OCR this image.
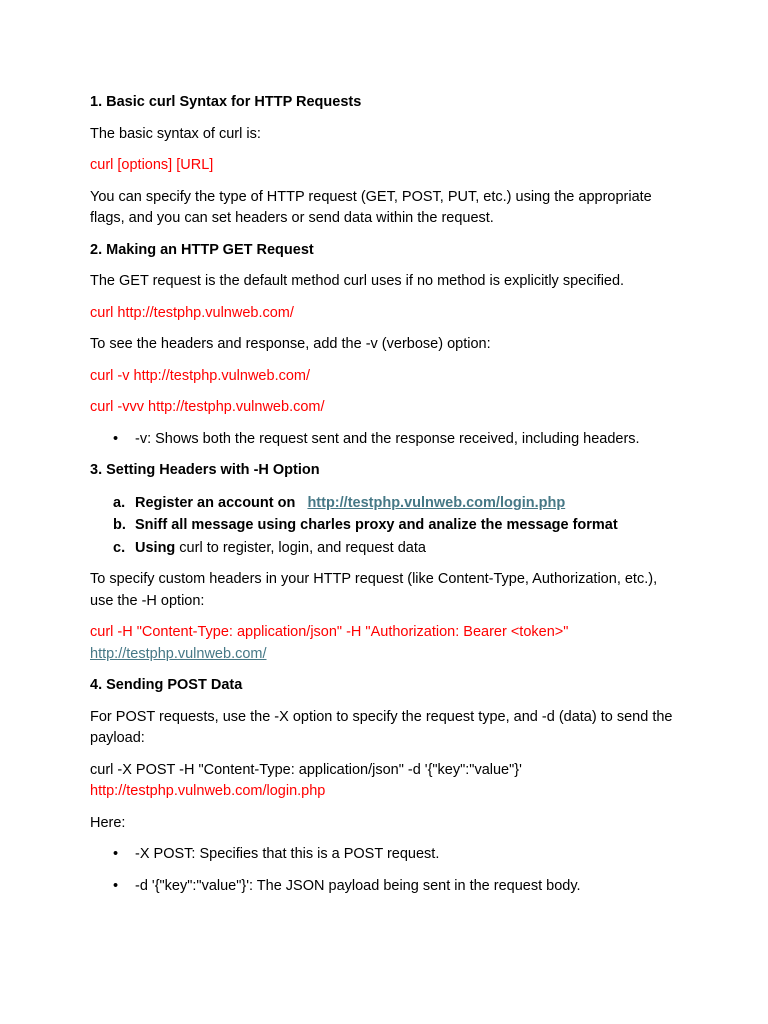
1. Basic curl Syntax for HTTP Requests

The basic syntax of curl is:

curl [options] [URL]

You can specify the type of HTTP request (GET, POST, PUT, etc.) using the appropriate flags, and you can set headers or send data within the request.

2. Making an HTTP GET Request

The GET request is the default method curl uses if no method is explicitly specified.

curl http://testphp.vulnweb.com/

To see the headers and response, add the -v (verbose) option:

curl -v http://testphp.vulnweb.com/

curl -vvv http://testphp.vulnweb.com/

• -v: Shows both the request sent and the response received, including headers.

3. Setting Headers with -H Option

a. Register an account on http://testphp.vulnweb.com/login.php
b. Sniff all message using charles proxy and analize the message format
c. Using curl to register, login, and request data

To specify custom headers in your HTTP request (like Content-Type, Authorization, etc.), use the -H option:

curl -H "Content-Type: application/json" -H "Authorization: Bearer <token>"
http://testphp.vulnweb.com/

4. Sending POST Data

For POST requests, use the -X option to specify the request type, and -d (data) to send the payload:

curl -X POST -H "Content-Type: application/json" -d '{"key":"value"}'
http://testphp.vulnweb.com/login.php

Here:

• -X POST: Specifies that this is a POST request.
• -d '{"key":"value"}': The JSON payload being sent in the request body.
